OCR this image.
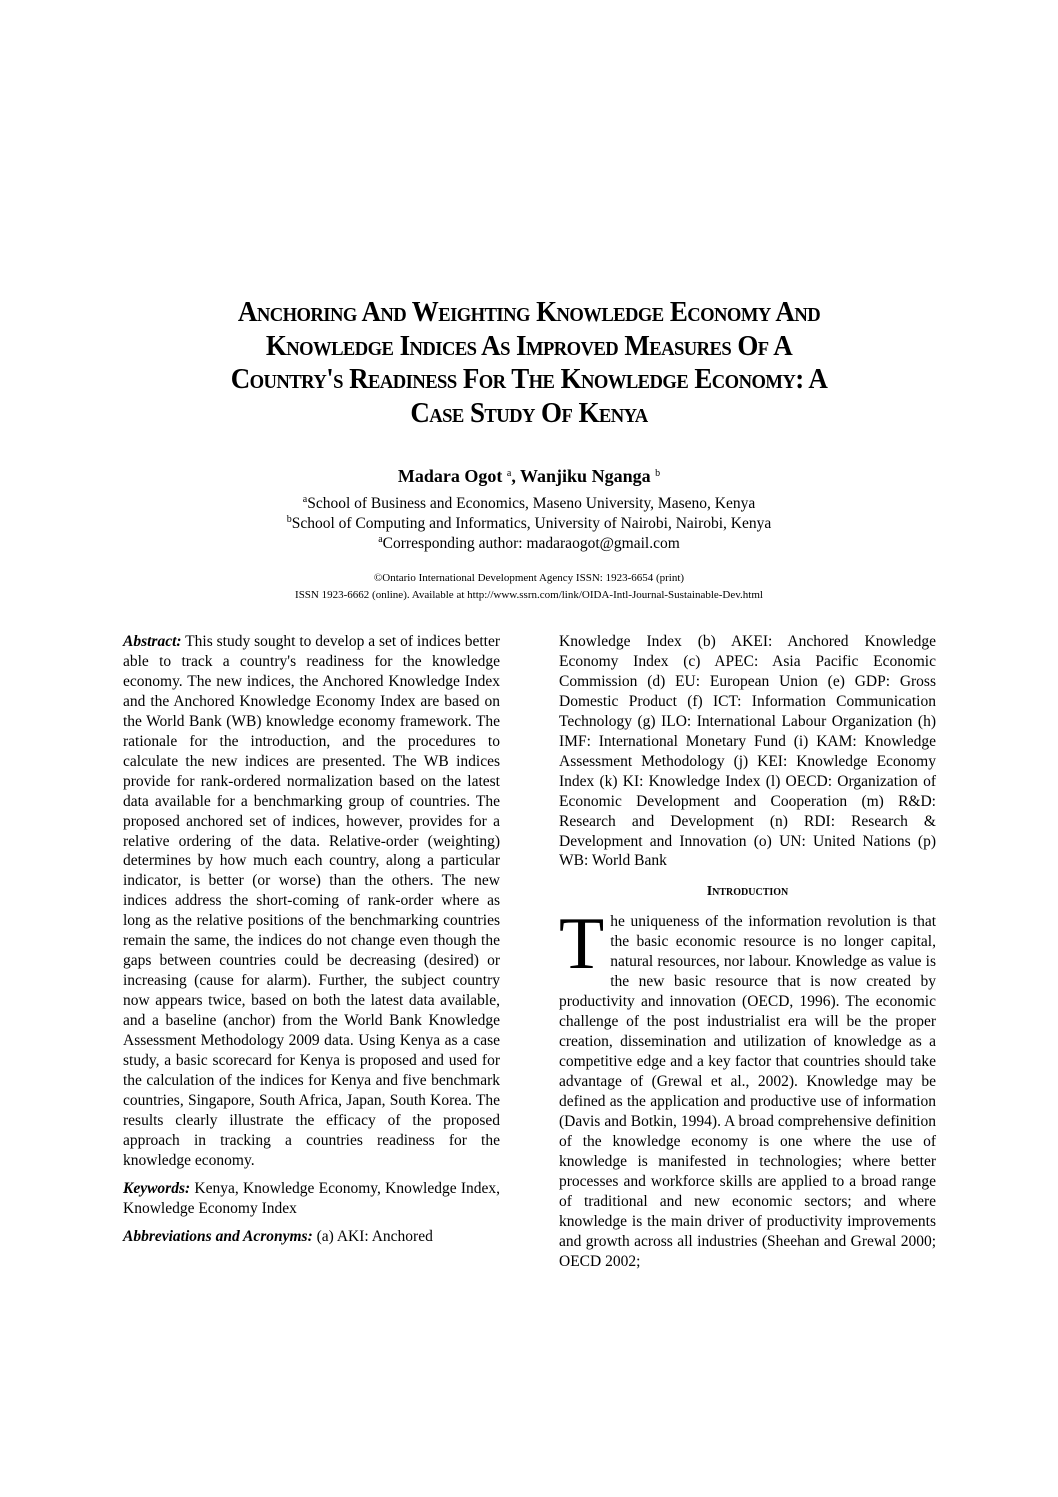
Anchoring And Weighting Knowledge Economy And
Knowledge Indices As Improved Measures Of A
Country's Readiness For The Knowledge Economy: A
Case Study Of Kenya
Madara Ogot $^a$, Wanjiku Nganga $^b$
$^a$School of Business and Economics, Maseno University, Maseno, Kenya
$^b$School of Computing and Informatics, University of Nairobi, Nairobi, Kenya
$^a$Corresponding author: madaraogot@gmail.com
©Ontario International Development Agency ISSN: 1923-6654 (print)
ISSN 1923-6662 (online). Available at http://www.ssrn.com/link/OIDA-Intl-Journal-Sustainable-Dev.html

Abstract: This study sought to develop a set of indices better able to track a country's readiness for the knowledge economy. The new indices, the Anchored Knowledge Index and the Anchored Knowledge Economy Index are based on the World Bank (WB) knowledge economy framework. The rationale for the introduction, and the procedures to calculate the new indices are presented. The WB indices provide for rank-ordered normalization based on the latest data available for a benchmarking group of countries. The proposed anchored set of indices, however, provides for a relative ordering of the data. Relative-order (weighting) determines by how much each country, along a particular indicator, is better (or worse) than the others. The new indices address the short-coming of rank-order where as long as the relative positions of the benchmarking countries remain the same, the indices do not change even though the gaps between countries could be decreasing (desired) or increasing (cause for alarm). Further, the subject country now appears twice, based on both the latest data available, and a baseline (anchor) from the World Bank Knowledge Assessment Methodology 2009 data. Using Kenya as a case study, a basic scorecard for Kenya is proposed and used for the calculation of the indices for Kenya and five benchmark countries, Singapore, South Africa, Japan, South Korea. The results clearly illustrate the efficacy of the proposed approach in tracking a countries readiness for the knowledge economy.

Keywords: Kenya, Knowledge Economy, Knowledge Index, Knowledge Economy Index

Abbreviations and Acronyms: (a) AKI: Anchored

Knowledge Index (b) AKEI: Anchored Knowledge Economy Index (c) APEC: Asia Pacific Economic Commission (d) EU: European Union (e) GDP: Gross Domestic Product (f) ICT: Information Communication Technology (g) ILO: International Labour Organization (h) IMF: International Monetary Fund (i) KAM: Knowledge Assessment Methodology (j) KEI: Knowledge Economy Index (k) KI: Knowledge Index (l) OECD: Organization of Economic Development and Cooperation (m) R&D: Research and Development (n) RDI: Research & Development and Innovation (o) UN: United Nations (p) WB: World Bank

Introduction

The uniqueness of the information revolution is that the basic economic resource is no longer capital, natural resources, nor labour. Knowledge as value is the new basic resource that is now created by productivity and innovation (OECD, 1996). The economic challenge of the post industrialist era will be the proper creation, dissemination and utilization of knowledge as a competitive edge and a key factor that countries should take advantage of (Grewal et al., 2002). Knowledge may be defined as the application and productive use of information (Davis and Botkin, 1994). A broad comprehensive definition of the knowledge economy is one where the use of knowledge is manifested in technologies; where better processes and workforce skills are applied to a broad range of traditional and new economic sectors; and where knowledge is the main driver of productivity improvements and growth across all industries (Sheehan and Grewal 2000; OECD 2002;
